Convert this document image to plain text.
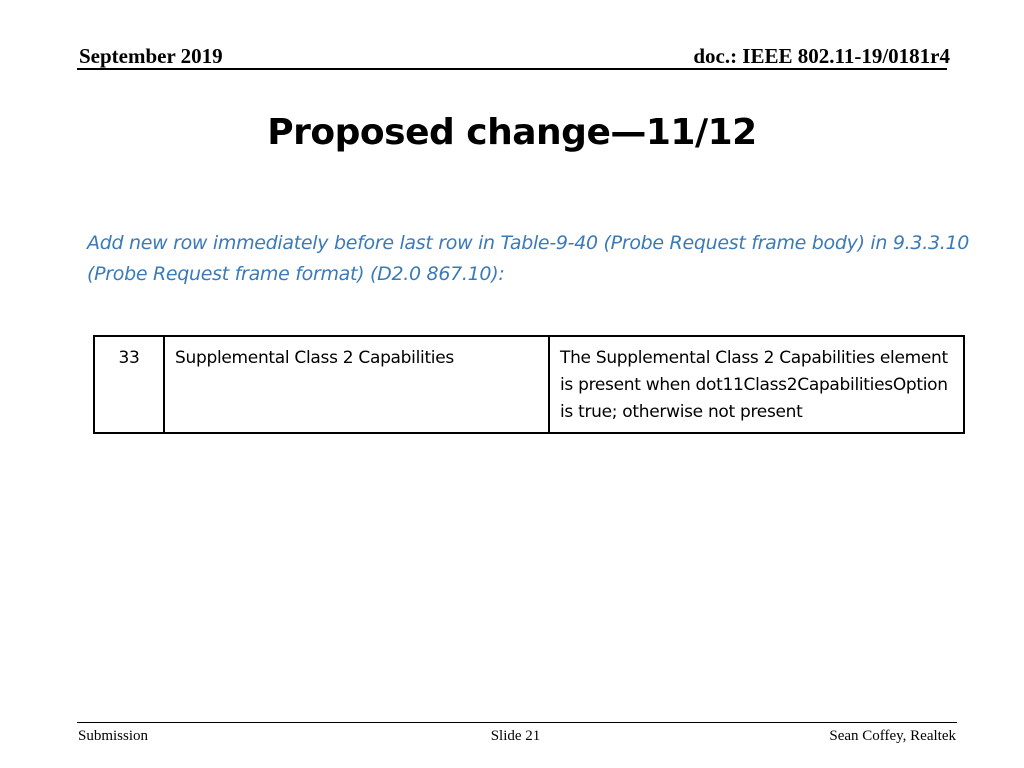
September 2019	doc.: IEEE 802.11-19/0181r4
Proposed change—11/12
Add new row immediately before last row in Table-9-40 (Probe Request frame body) in 9.3.3.10 (Probe Request frame format) (D2.0 867.10):
33	Supplemental Class 2 Capabilities	The Supplemental Class 2 Capabilities element is present when dot11Class2CapabilitiesOption is true; otherwise not present
Submission	Slide 21	Sean Coffey, Realtek
